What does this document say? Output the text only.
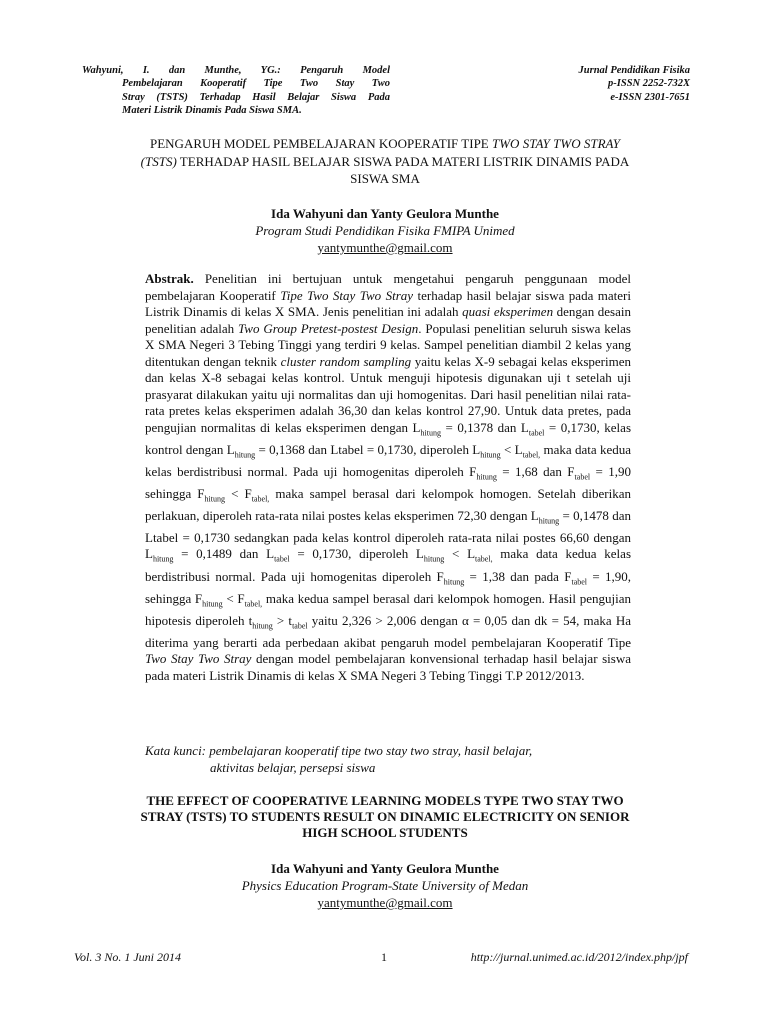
Wahyuni, I. dan Munthe, YG.: Pengaruh Model
Pembelajaran Kooperatif Tipe Two Stay Two
Stray (TSTS) Terhadap Hasil Belajar Siswa Pada
Materi Listrik Dinamis Pada Siswa SMA.
Jurnal Pendidikan Fisika
p-ISSN 2252-732X
e-ISSN 2301-7651
PENGARUH MODEL PEMBELAJARAN KOOPERATIF TIPE TWO STAY TWO STRAY (TSTS) TERHADAP HASIL BELAJAR SISWA PADA MATERI LISTRIK DINAMIS PADA SISWA SMA
Ida Wahyuni dan Yanty Geulora Munthe
Program Studi Pendidikan Fisika FMIPA Unimed
yantymunthe@gmail.com
Abstrak. Penelitian ini bertujuan untuk mengetahui pengaruh penggunaan model pembelajaran Kooperatif Tipe Two Stay Two Stray terhadap hasil belajar siswa pada materi Listrik Dinamis di kelas X SMA. Jenis penelitian ini adalah quasi eksperimen dengan desain penelitian adalah Two Group Pretest-postest Design. Populasi penelitian seluruh siswa kelas X SMA Negeri 3 Tebing Tinggi yang terdiri 9 kelas. Sampel penelitian diambil 2 kelas yang ditentukan dengan teknik cluster random sampling yaitu kelas X-9 sebagai kelas eksperimen dan kelas X-8 sebagai kelas kontrol. Untuk menguji hipotesis digunakan uji t setelah uji prasyarat dilakukan yaitu uji normalitas dan uji homogenitas. Dari hasil penelitian nilai rata-rata pretes kelas eksperimen adalah 36,30 dan kelas kontrol 27,90. Untuk data pretes, pada pengujian normalitas di kelas eksperimen dengan $L_{hitung} = 0,1378$ dan $L_{tabel} = 0,1730$, kelas kontrol dengan $L_{hitung} = 0,1368$ dan Ltabel = 0,1730, diperoleh $L_{hitung} < L_{tabel,}$ maka data kedua kelas berdistribusi normal. Pada uji homogenitas diperoleh $F_{hitung} = 1,68$ dan $F_{tabel} = 1,90$ sehingga $F_{hitung} < F_{tabel,}$ maka sampel berasal dari kelompok homogen. Setelah diberikan perlakuan, diperoleh rata-rata nilai postes kelas eksperimen 72,30 dengan $L_{hitung} = 0,1478$ dan Ltabel = 0,1730 sedangkan pada kelas kontrol diperoleh rata-rata nilai postes 66,60 dengan $L_{hitung} = 0,1489$ dan $L_{tabel} = 0,1730$, diperoleh $L_{hitung} < L_{tabel,}$ maka data kedua kelas berdistribusi normal. Pada uji homogenitas diperoleh $F_{hitung} = 1,38$ dan pada $F_{tabel} = 1,90$, sehingga $F_{hitung} < F_{tabel,}$ maka kedua sampel berasal dari kelompok homogen. Hasil pengujian hipotesis diperoleh $t_{hitung} > t_{tabel}$ yaitu 2,326 > 2,006 dengan α = 0,05 dan dk = 54, maka Ha diterima yang berarti ada perbedaan akibat pengaruh model pembelajaran Kooperatif Tipe Two Stay Two Stray dengan model pembelajaran konvensional terhadap hasil belajar siswa pada materi Listrik Dinamis di kelas X SMA Negeri 3 Tebing Tinggi T.P 2012/2013.
Kata kunci: pembelajaran kooperatif tipe two stay two stray, hasil belajar,
aktivitas belajar, persepsi siswa
THE EFFECT OF COOPERATIVE LEARNING MODELS TYPE TWO STAY TWO STRAY (TSTS) TO STUDENTS RESULT ON DINAMIC ELECTRICITY ON SENIOR HIGH SCHOOL STUDENTS
Ida Wahyuni and Yanty Geulora Munthe
Physics Education Program-State University of Medan
yantymunthe@gmail.com
Vol. 3 No. 1 Juni 2014	1	http://jurnal.unimed.ac.id/2012/index.php/jpf
